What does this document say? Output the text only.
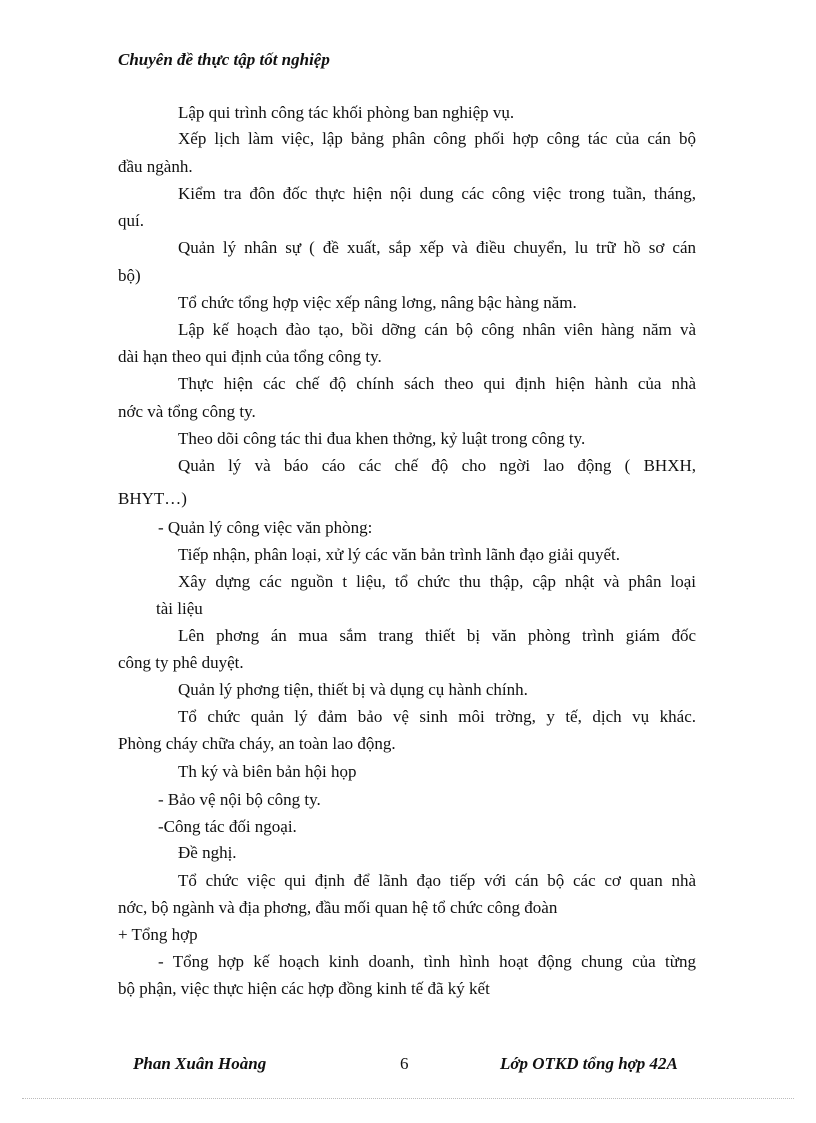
Chuyên đề thực tập tốt nghiệp
Lập qui trình công tác khối phòng ban nghiệp vụ.
Xếp lịch làm việc, lập bảng phân công phối hợp công tác của cán bộ
đầu ngành.
Kiểm tra đôn đốc thực hiện nội dung các công việc trong tuần, tháng,
quí.
Quản lý nhân sự ( đề xuất, sắp xếp và điều chuyển, lu trữ hồ sơ cán
bộ)
Tổ chức tổng hợp việc xếp nâng lơng, nâng bậc hàng năm.
Lập kế hoạch đào tạo, bồi dỡng cán bộ công nhân viên hàng năm và
dài hạn theo qui định của tổng công ty.
Thực hiện các chế độ chính sách theo qui định hiện hành của nhà
nớc và tổng công ty.
Theo dõi công tác thi đua khen thởng, kỷ luật trong công ty.
Quản lý và báo cáo các chế độ cho ngời lao động ( BHXH,
BHYT…)
- Quản lý công việc văn phòng:
Tiếp nhận, phân loại, xử lý các văn bản trình lãnh đạo giải quyết.
Xây dựng các nguồn t liệu, tổ chức thu thập, cập nhật và phân loại
tài liệu
Lên phơng án mua sắm trang thiết bị văn phòng trình giám đốc
công ty phê duyệt.
Quản lý phơng tiện, thiết bị và dụng cụ hành chính.
Tổ chức quản lý đảm bảo vệ sinh môi trờng, y tế, dịch vụ khác.
Phòng cháy chữa cháy, an toàn lao động.
Th ký và biên bản hội họp
- Bảo vệ nội bộ công ty.
-Công tác đối ngoại.
Đề nghị.
Tổ chức việc qui định để lãnh đạo tiếp với cán bộ các cơ quan nhà
nớc, bộ ngành và địa phơng, đầu mối quan hệ tổ chức công đoàn
+ Tổng hợp
- Tổng hợp kế hoạch kinh doanh, tình hình hoạt động chung của từng
bộ phận, việc thực hiện các hợp đồng kinh tế đã ký kết
Phan Xuân Hoàng	6	Lớp OTKD tổng hợp 42A
